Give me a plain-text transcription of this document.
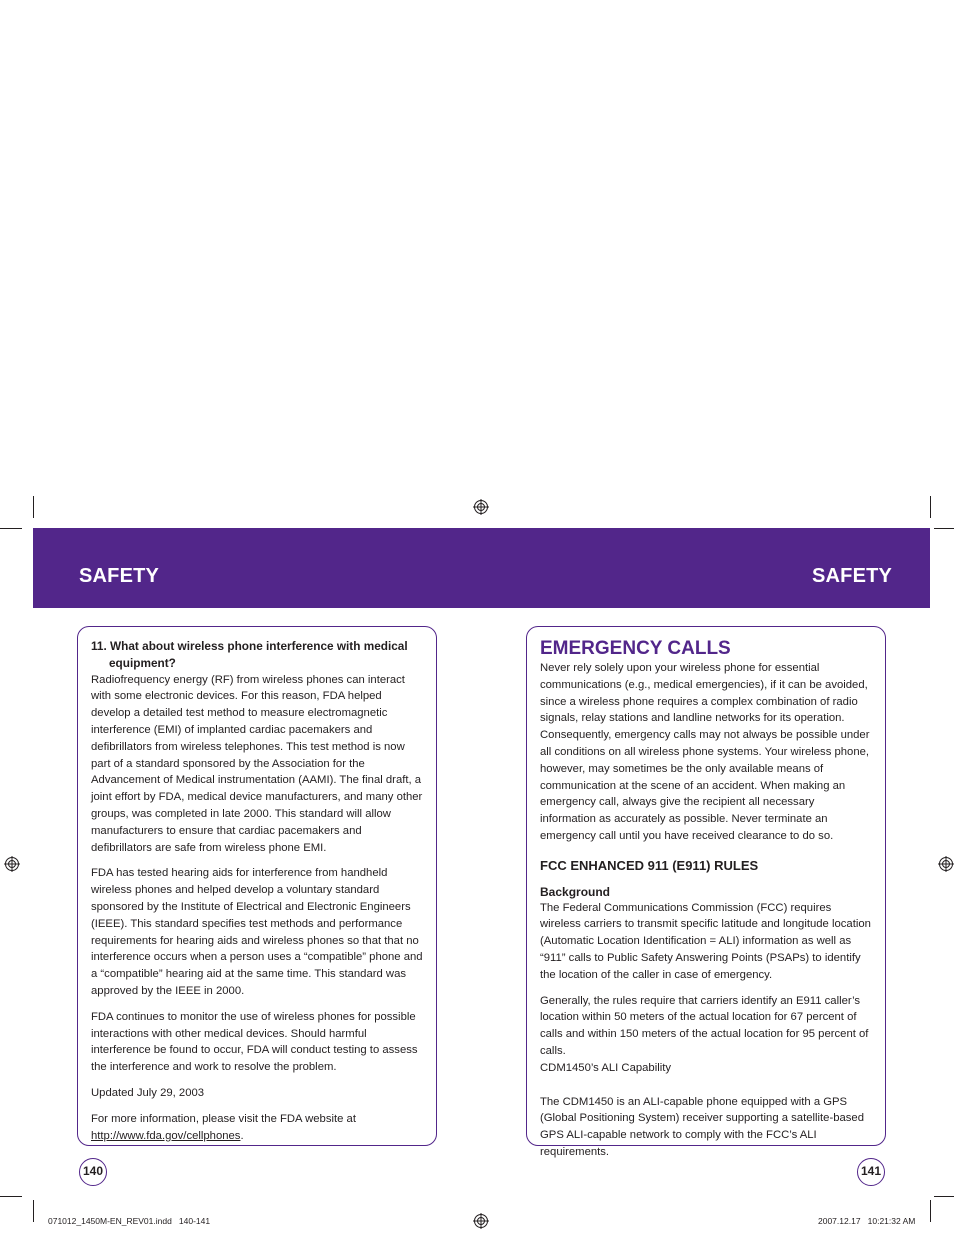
SAFETY	SAFETY
11. What about wireless phone interference with medical
equipment?

Radiofrequency energy (RF) from wireless phones can interact with some electronic devices. For this reason, FDA helped develop a detailed test method to measure electromagnetic interference (EMI) of implanted cardiac pacemakers and defibrillators from wireless telephones. This test method is now part of a standard sponsored by the Association for the Advancement of Medical instrumentation (AAMI). The final draft, a joint effort by FDA, medical device manufacturers, and many other groups, was completed in late 2000. This standard will allow manufacturers to ensure that cardiac pacemakers and defibrillators are safe from wireless phone EMI.

FDA has tested hearing aids for interference from handheld wireless phones and helped develop a voluntary standard sponsored by the Institute of Electrical and Electronic Engineers (IEEE). This standard specifies test methods and performance requirements for hearing aids and wireless phones so that that no interference occurs when a person uses a “compatible” phone and a “compatible” hearing aid at the same time. This standard was approved by the IEEE in 2000.

FDA continues to monitor the use of wireless phones for possible interactions with other medical devices. Should harmful interference be found to occur, FDA will conduct testing to assess the interference and work to resolve the problem.

Updated July 29, 2003

For more information, please visit the FDA website at http://www.fda.gov/cellphones.

EMERGENCY CALLS

Never rely solely upon your wireless phone for essential communications (e.g., medical emergencies), if it can be avoided, since a wireless phone requires a complex combination of radio signals, relay stations and landline networks for its operation. Consequently, emergency calls may not always be possible under all conditions on all wireless phone systems. Your wireless phone, however, may sometimes be the only available means of communication at the scene of an accident. When making an emergency call, always give the recipient all necessary information as accurately as possible. Never terminate an emergency call until you have received clearance to do so.

FCC ENHANCED 911 (E911) RULES
Background

The Federal Communications Commission (FCC) requires wireless carriers to transmit specific latitude and longitude location (Automatic Location Identification = ALI) information as well as “911” calls to Public Safety Answering Points (PSAPs) to identify the location of the caller in case of emergency.

Generally, the rules require that carriers identify an E911 caller’s location within 50 meters of the actual location for 67 percent of calls and within 150 meters of the actual location for 95 percent of calls.

CDM1450’s ALI Capability

The CDM1450 is an ALI-capable phone equipped with a GPS (Global Positioning System) receiver supporting a satellite-based GPS ALI-capable network to comply with the FCC’s ALI requirements.

140	141
071012_1450M-EN_REV01.indd   140-141	2007.12.17   10:21:32 AM
